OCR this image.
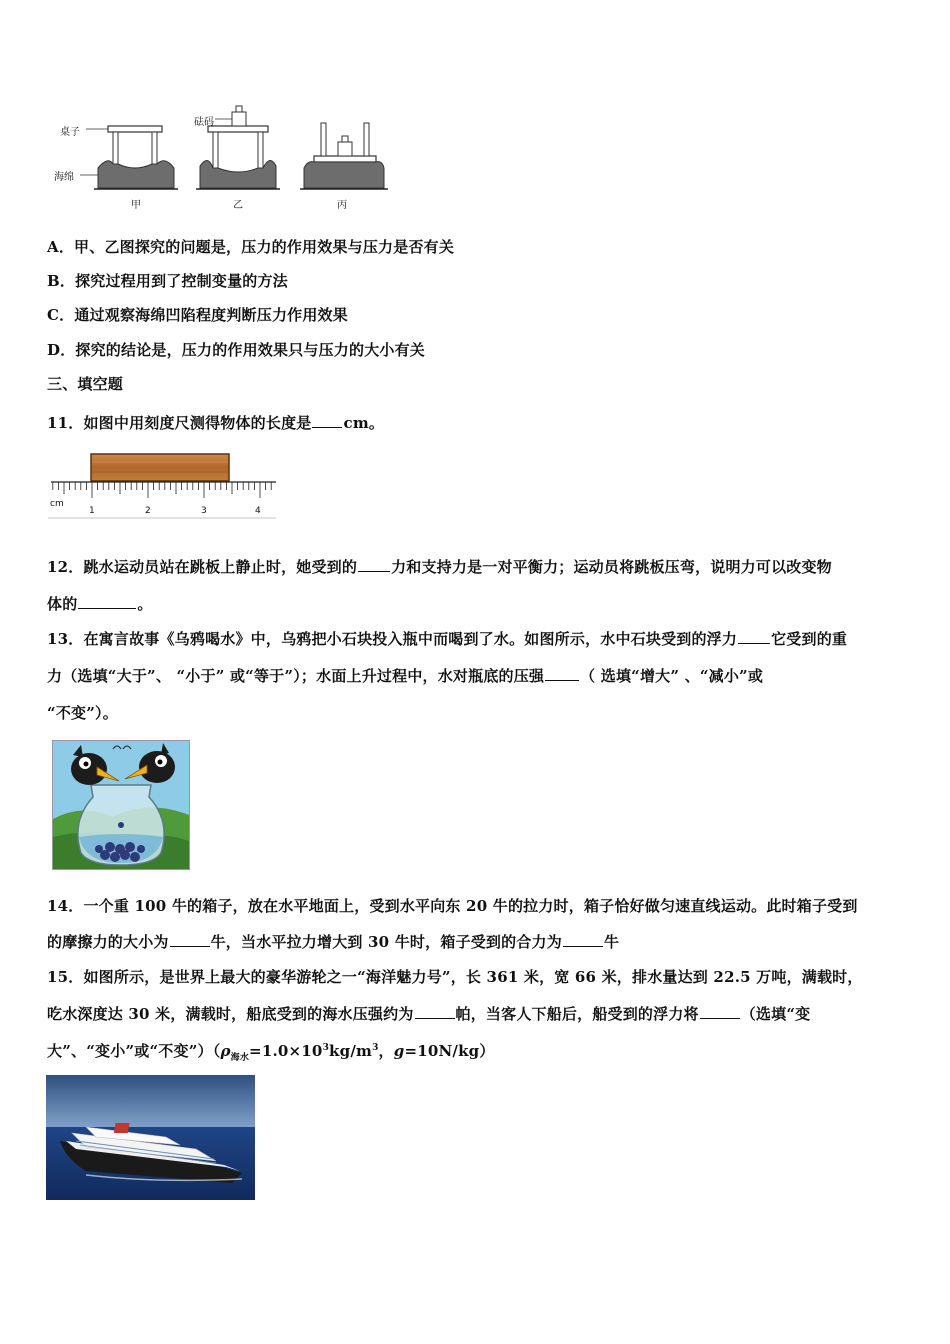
桌子
海绵
砝码
甲	乙	丙
A．甲、乙图探究的问题是，压力的作用效果与压力是否有关
B．探究过程用到了控制变量的方法
C．通过观察海绵凹陷程度判断压力作用效果
D．探究的结论是，压力的作用效果只与压力的大小有关
三、填空题
11．如图中用刻度尺测得物体的长度是 cm。
cm
1	2	3	4
12．跳水运动员站在跳板上静止时，她受到的 力和支持力是一对平衡力；运动员将跳板压弯，说明力可以改变物
体的	。
13．在寓言故事《乌鸦喝水》中，乌鸦把小石块投入瓶中而喝到了水。如图所示，水中石块受到的浮力 它受到的重
力（选填“大于”、 “小于” 或“等于”）；水面上升过程中，水对瓶底的压强 （ 选填“增大” 、“减小”或
“不变”）。
14．一个重 100 牛的箱子，放在水平地面上，受到水平向东 20 牛的拉力时，箱子恰好做匀速直线运动。此时箱子受到
的摩擦力的大小为	牛，当水平拉力增大到 30 牛时，箱子受到的合力为	牛
15．如图所示，是世界上最大的豪华游轮之一“海洋魅力号”，长 361 米，宽 66 米，排水量达到 22.5 万吨，满载时，
吃水深度达 30 米，满载时，船底受到的海水压强约为	帕，当客人下船后，船受到的浮力将	（选填“变
大”、“变小”或“不变$”)(\rho_{海水}=1.0\times 10^3kg/m^3$，g=10N/kg）
